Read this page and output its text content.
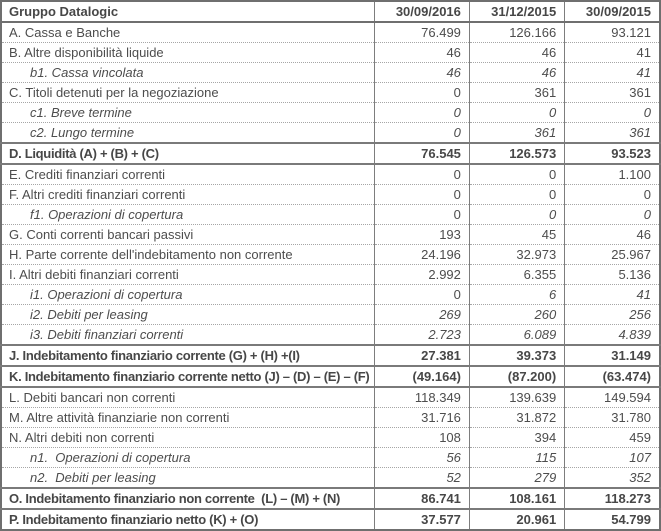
Gruppo Datalogic	30/09/2016	31/12/2015	30/09/2015
A. Cassa e Banche	76.499	126.166	93.121
B. Altre disponibilità liquide	46	46	41
b1. Cassa vincolata	46	46	41
C. Titoli detenuti per la negoziazione	0	361	361
c1. Breve termine	0	0	0
c2. Lungo termine	0	361	361
D. Liquidità (A) + (B) + (C)	76.545	126.573	93.523
E. Crediti finanziari correnti	0	0	1.100
F. Altri crediti finanziari correnti	0	0	0
f1. Operazioni di copertura	0	0	0
G. Conti correnti bancari passivi	193	45	46
H. Parte corrente dell'indebitamento non corrente	24.196	32.973	25.967
I. Altri debiti finanziari correnti	2.992	6.355	5.136
i1. Operazioni di copertura	0	6	41
i2. Debiti per leasing	269	260	256
i3. Debiti finanziari correnti	2.723	6.089	4.839
J. Indebitamento finanziario corrente (G) + (H) +(I)	27.381	39.373	31.149
K. Indebitamento finanziario corrente netto (J) – (D) – (E) – (F)	(49.164)	(87.200)	(63.474)
L. Debiti bancari non correnti	118.349	139.639	149.594
M. Altre attività finanziarie non correnti	31.716	31.872	31.780
N. Altri debiti non correnti	108	394	459
n1.  Operazioni di copertura	56	115	107
n2.  Debiti per leasing	52	279	352
O. Indebitamento finanziario non corrente  (L) – (M) + (N)	86.741	108.161	118.273
P. Indebitamento finanziario netto (K) + (O)	37.577	20.961	54.799
